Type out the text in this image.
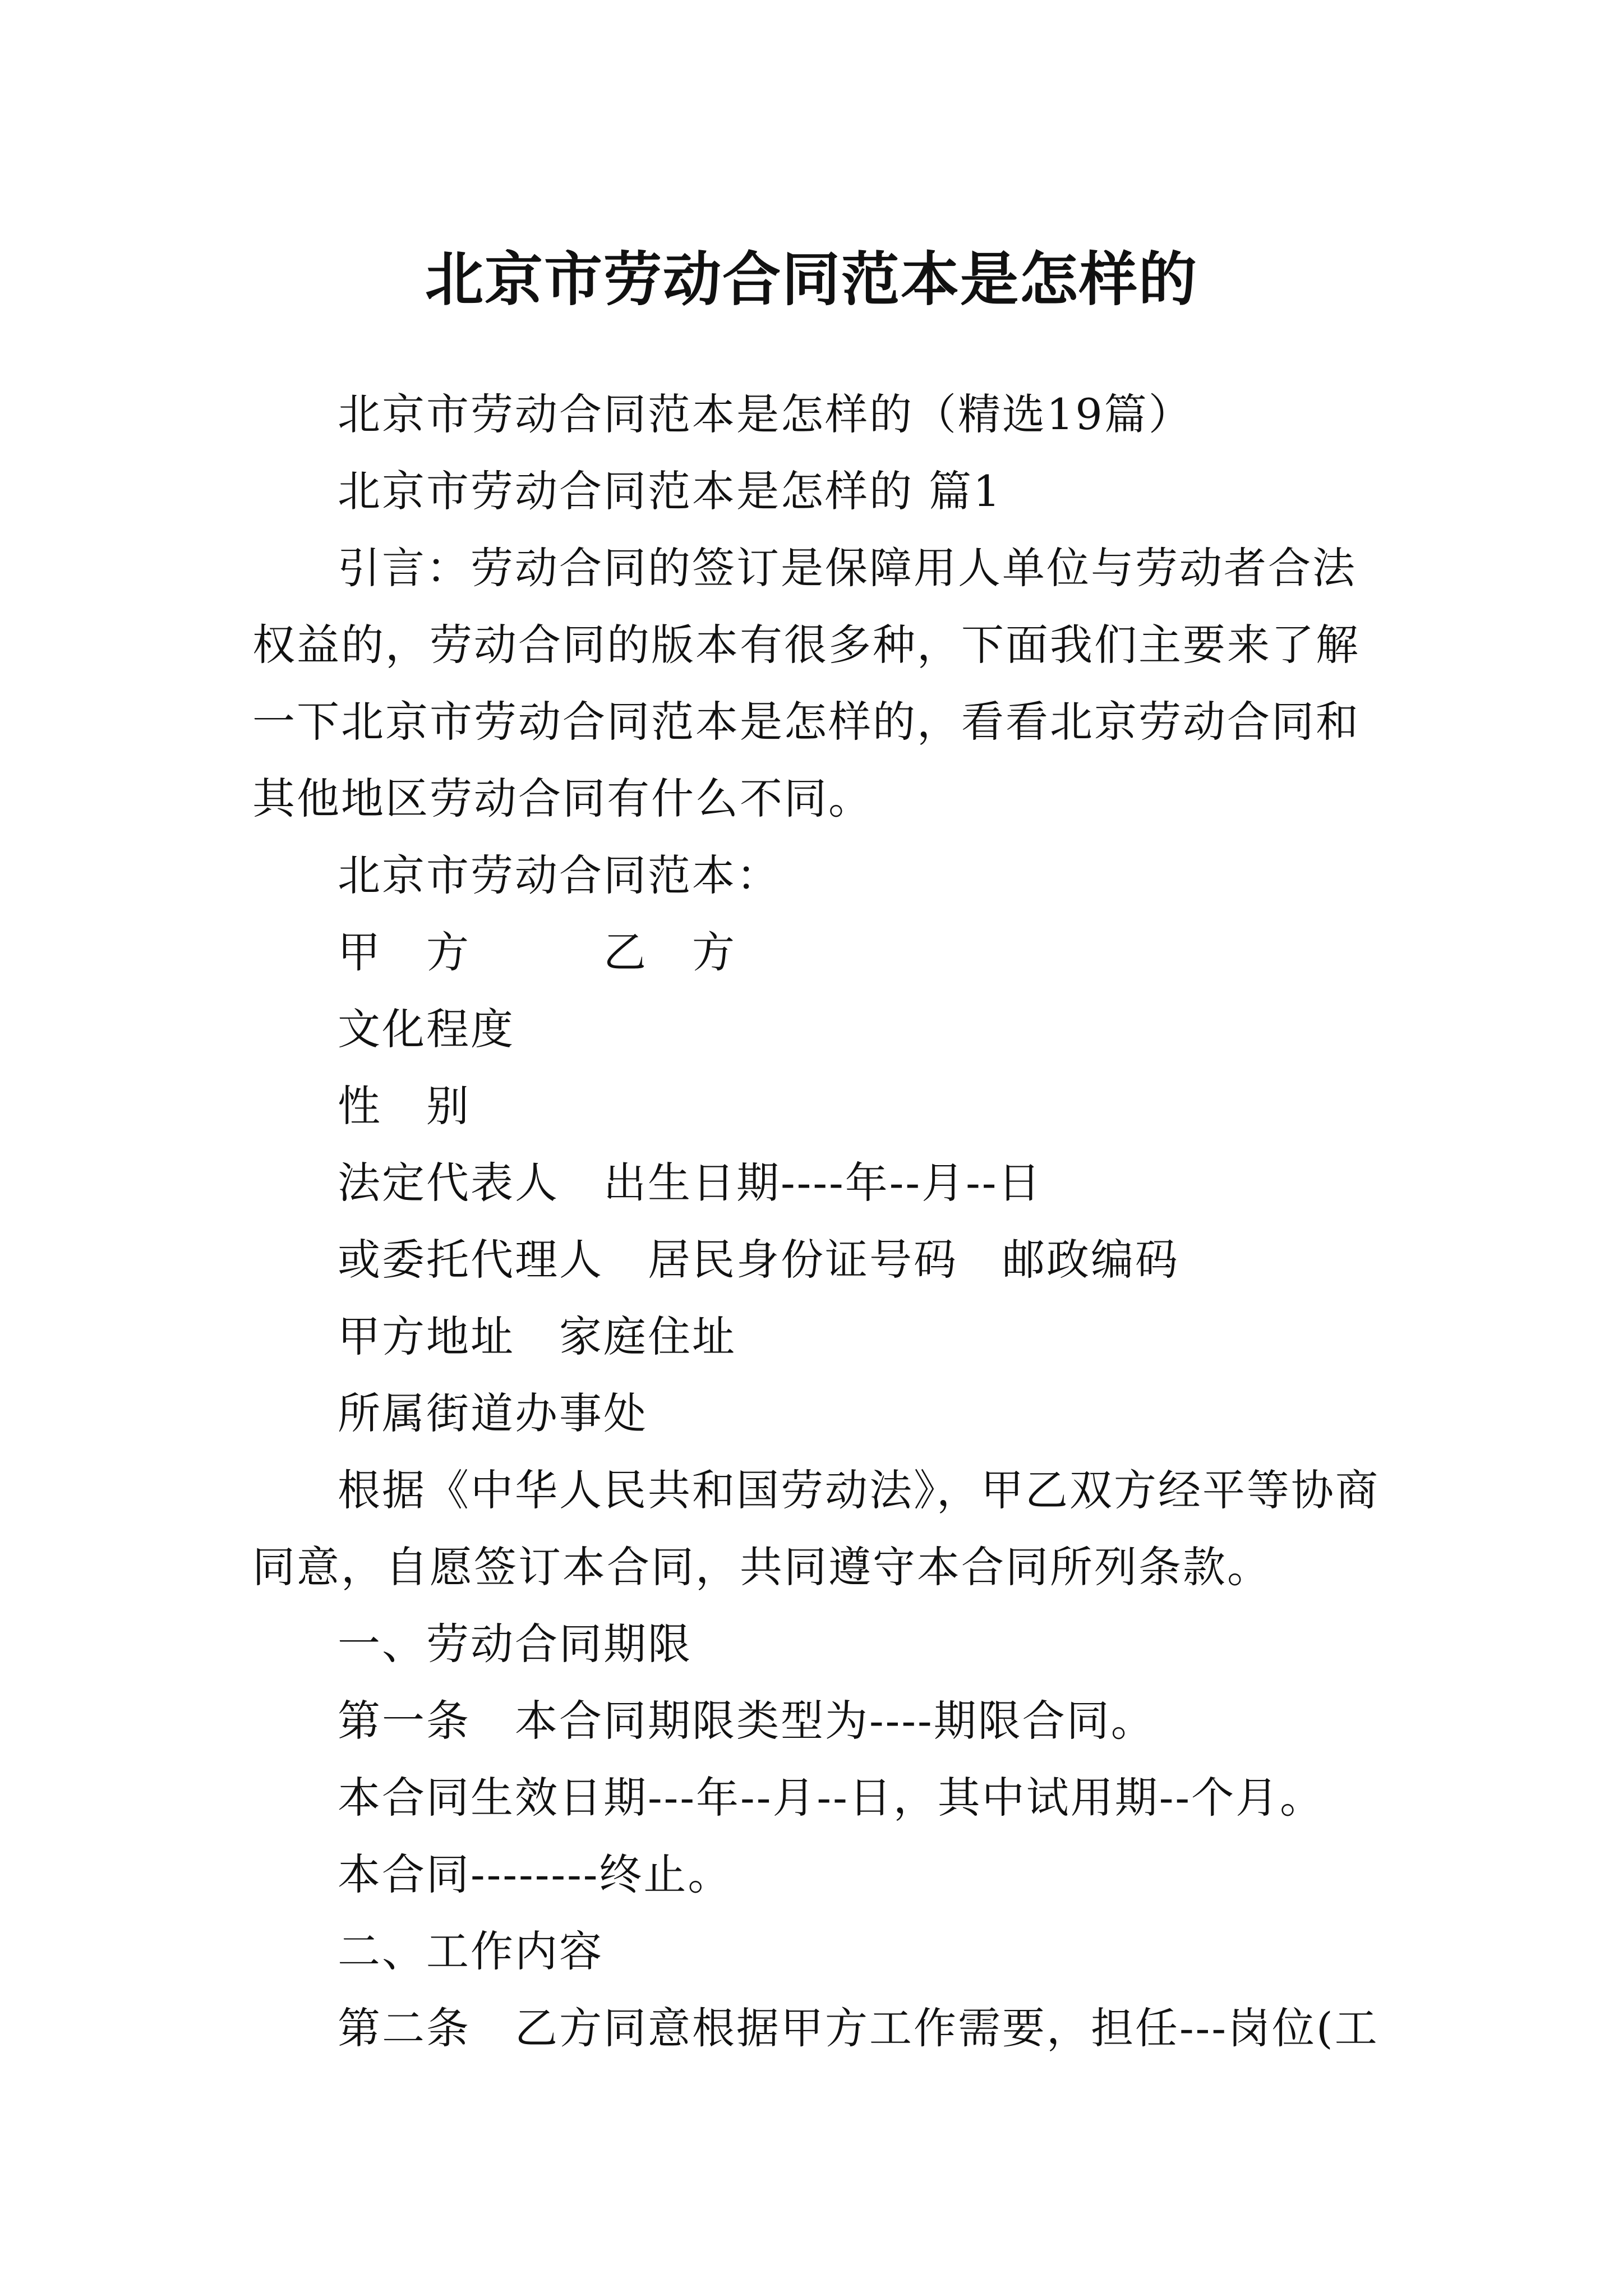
北京市劳动合同范本是怎样的

北京市劳动合同范本是怎样的（精选19篇）

北京市劳动合同范本是怎样的 篇1

引言：劳动合同的签订是保障用人单位与劳动者合法权益的，劳动合同的版本有很多种，下面我们主要来了解一下北京市劳动合同范本是怎样的，看看北京劳动合同和其他地区劳动合同有什么不同。

北京市劳动合同范本：

甲　方　　　乙　方

文化程度

性　别

法定代表人　出生日期----年--月--日

或委托代理人　居民身份证号码　邮政编码

甲方地址　家庭住址

所属街道办事处

根据《中华人民共和国劳动法》，甲乙双方经平等协商同意，自愿签订本合同，共同遵守本合同所列条款。

一、劳动合同期限

第一条　本合同期限类型为----期限合同。

本合同生效日期---年--月--日，其中试用期--个月。

本合同--------终止。

二、工作内容

第二条　乙方同意根据甲方工作需要，担任---岗位(工
